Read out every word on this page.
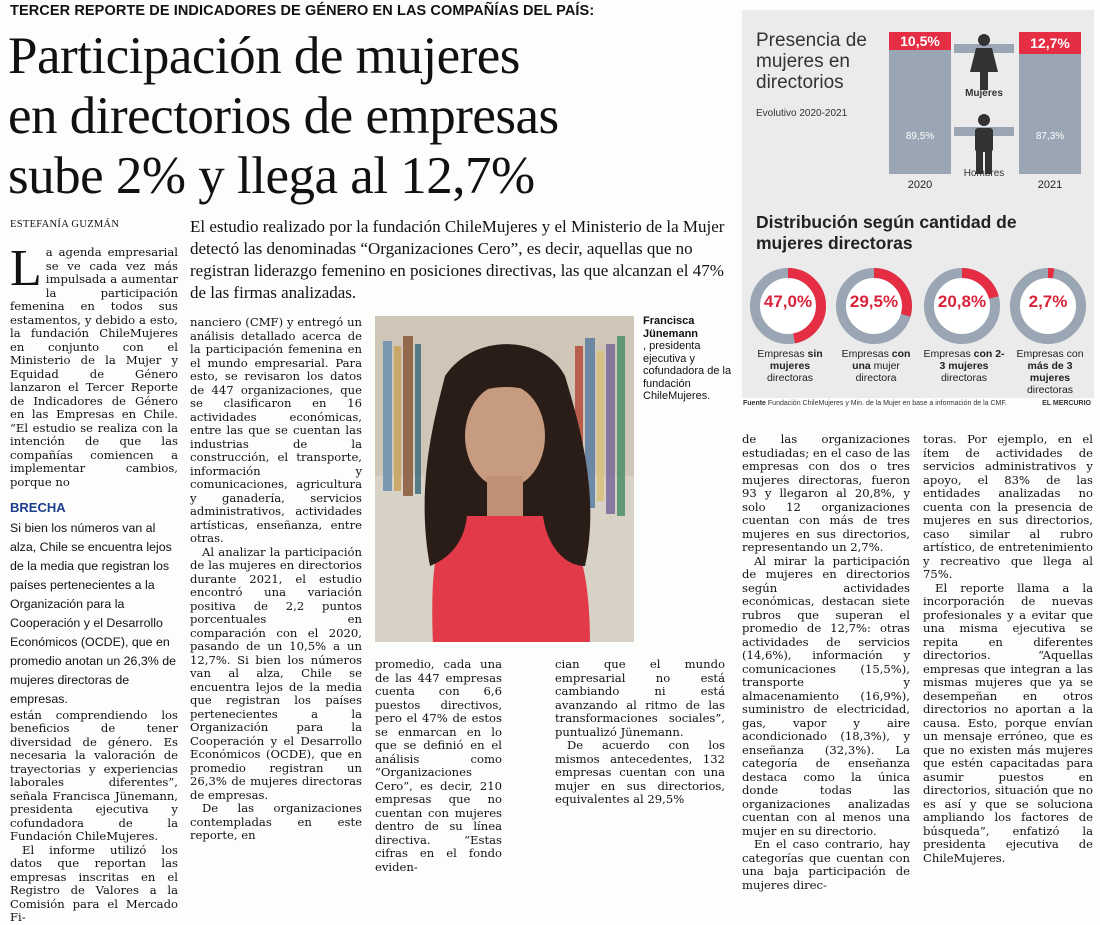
TERCER REPORTE DE INDICADORES DE GÉNERO EN LAS COMPAÑÍAS DEL PAÍS:
Participación de mujeres
en directorios de empresas
sube 2% y llega al 12,7%
ESTEFANÍA GUZMÁN	El estudio realizado por la fundación ChileMujeres y el Ministerio de la Mujer detectó las denominadas “Organizaciones Cero”, es decir, aquellas que no registran liderazgo femenino en posiciones directivas, las que alcanzan el 47% de las firmas analizadas.

La agenda empresarial se ve cada vez más impulsada a aumentar la participación femenina en todos sus estamentos, y debido a esto, la fundación ChileMujeres en conjunto con el Ministerio de la Mujer y Equidad de Género lanzaron el Tercer Reporte de Indicadores de Género en las Empresas en Chile. “El estudio se realiza con la intención de que las compañías comiencen a implementar cambios, porque no

BRECHA

Si bien los números van al alza, Chile se encuentra lejos de la media que registran los países pertenecientes a la Organización para la Cooperación y el Desarrollo Económicos (OCDE), que en promedio anotan un 26,3% de mujeres directoras de empresas.

están comprendiendo los beneficios de tener diversidad de género. Es necesaria la valoración de trayectorias y experiencias laborales diferentes”, señala Francisca Jünemann, presidenta ejecutiva y cofundadora de la Fundación ChileMujeres.

El informe utilizó los datos que reportan las empresas inscritas en el Registro de Valores a la Comisión para el Mercado Fi-

nanciero (CMF) y entregó un análisis detallado acerca de la participación femenina en el mundo empresarial. Para esto, se revisaron los datos de 447 organizaciones, que se clasificaron en 16 actividades económicas, entre las que se cuentan las industrias de la construcción, el transporte, información y comunicaciones, agricultura y ganadería, servicios administrativos, actividades artísticas, enseñanza, entre otras.

Al analizar la participación de las mujeres en directorios durante 2021, el estudio encontró una variación positiva de 2,2 puntos porcentuales en comparación con el 2020, pasando de un 10,5% a un 12,7%. Si bien los números van al alza, Chile se encuentra lejos de la media que registran los países pertenecientes a la Organización para la Cooperación y el Desarrollo Económicos (OCDE), que en promedio registran un 26,3% de mujeres directoras de empresas.

De las organizaciones contempladas en este reporte, en

Francisca Jünemann
, presidenta ejecutiva y cofundadora de la fundación ChileMujeres.

promedio, cada una de las 447 empresas cuenta con 6,6 puestos directivos, pero el 47% de estos se enmarcan en lo que se definió en el análisis como “Organizaciones Cero”, es decir, 210 empresas que no cuentan con mujeres dentro de su línea directiva. “Estas cifras en el fondo eviden-

cian que el mundo empresarial no está cambiando ni está avanzando al ritmo de las transformaciones sociales”, puntualizó Jünemann.

De acuerdo con los mismos antecedentes, 132 empresas cuentan con una mujer en sus directorios, equivalentes al 29,5%

de las organizaciones estudiadas; en el caso de las empresas con dos o tres mujeres directoras, fueron 93 y llegaron al 20,8%, y solo 12 organizaciones cuentan con más de tres mujeres en sus directorios, representando un 2,7%.

Al mirar la participación de mujeres en directorios según actividades económicas, destacan siete rubros que superan el promedio de 12,7%: otras actividades de servicios (14,6%), información y comunicaciones (15,5%), transporte y almacenamiento (16,9%), suministro de electricidad, gas, vapor y aire acondicionado (18,3%), y enseñanza (32,3%). La categoría de enseñanza destaca como la única donde todas las organizaciones analizadas cuentan con al menos una mujer en su directorio.

En el caso contrario, hay categorías que cuentan con una baja participación de mujeres direc-

toras. Por ejemplo, en el ítem de actividades de servicios administrativos y apoyo, el 83% de las entidades analizadas no cuenta con la presencia de mujeres en sus directorios, caso similar al rubro artístico, de entretenimiento y recreativo que llega al 75%.

El reporte llama a la incorporación de nuevas profesionales y a evitar que una misma ejecutiva se repita en diferentes directorios. “Aquellas empresas que integran a las mismas mujeres que ya se desempeñan en otros directorios no aportan a la causa. Esto, porque envían un mensaje erróneo, que es que no existen más mujeres que estén capacitadas para asumir puestos en directorios, situación que no es así y que se soluciona ampliando los factores de búsqueda”, enfatizó la presidenta ejecutiva de ChileMujeres.

Presencia de mujeres en directorios
Evolutivo 2020-2021
10,5%
89,5%
12,7%
87,3%
2020	2021
Mujeres
Hombres
Distribución según cantidad de mujeres directoras
47,0%
Empresas sin mujeres directoras
29,5%
Empresas con una mujer directora
20,8%
Empresas con 2-3 mujeres directoras
2,7%
Empresas con más de 3 mujeres directoras
Fuente Fundación ChileMujeres y Min. de la Mujer en base a información de la CMF.	EL MERCURIO
